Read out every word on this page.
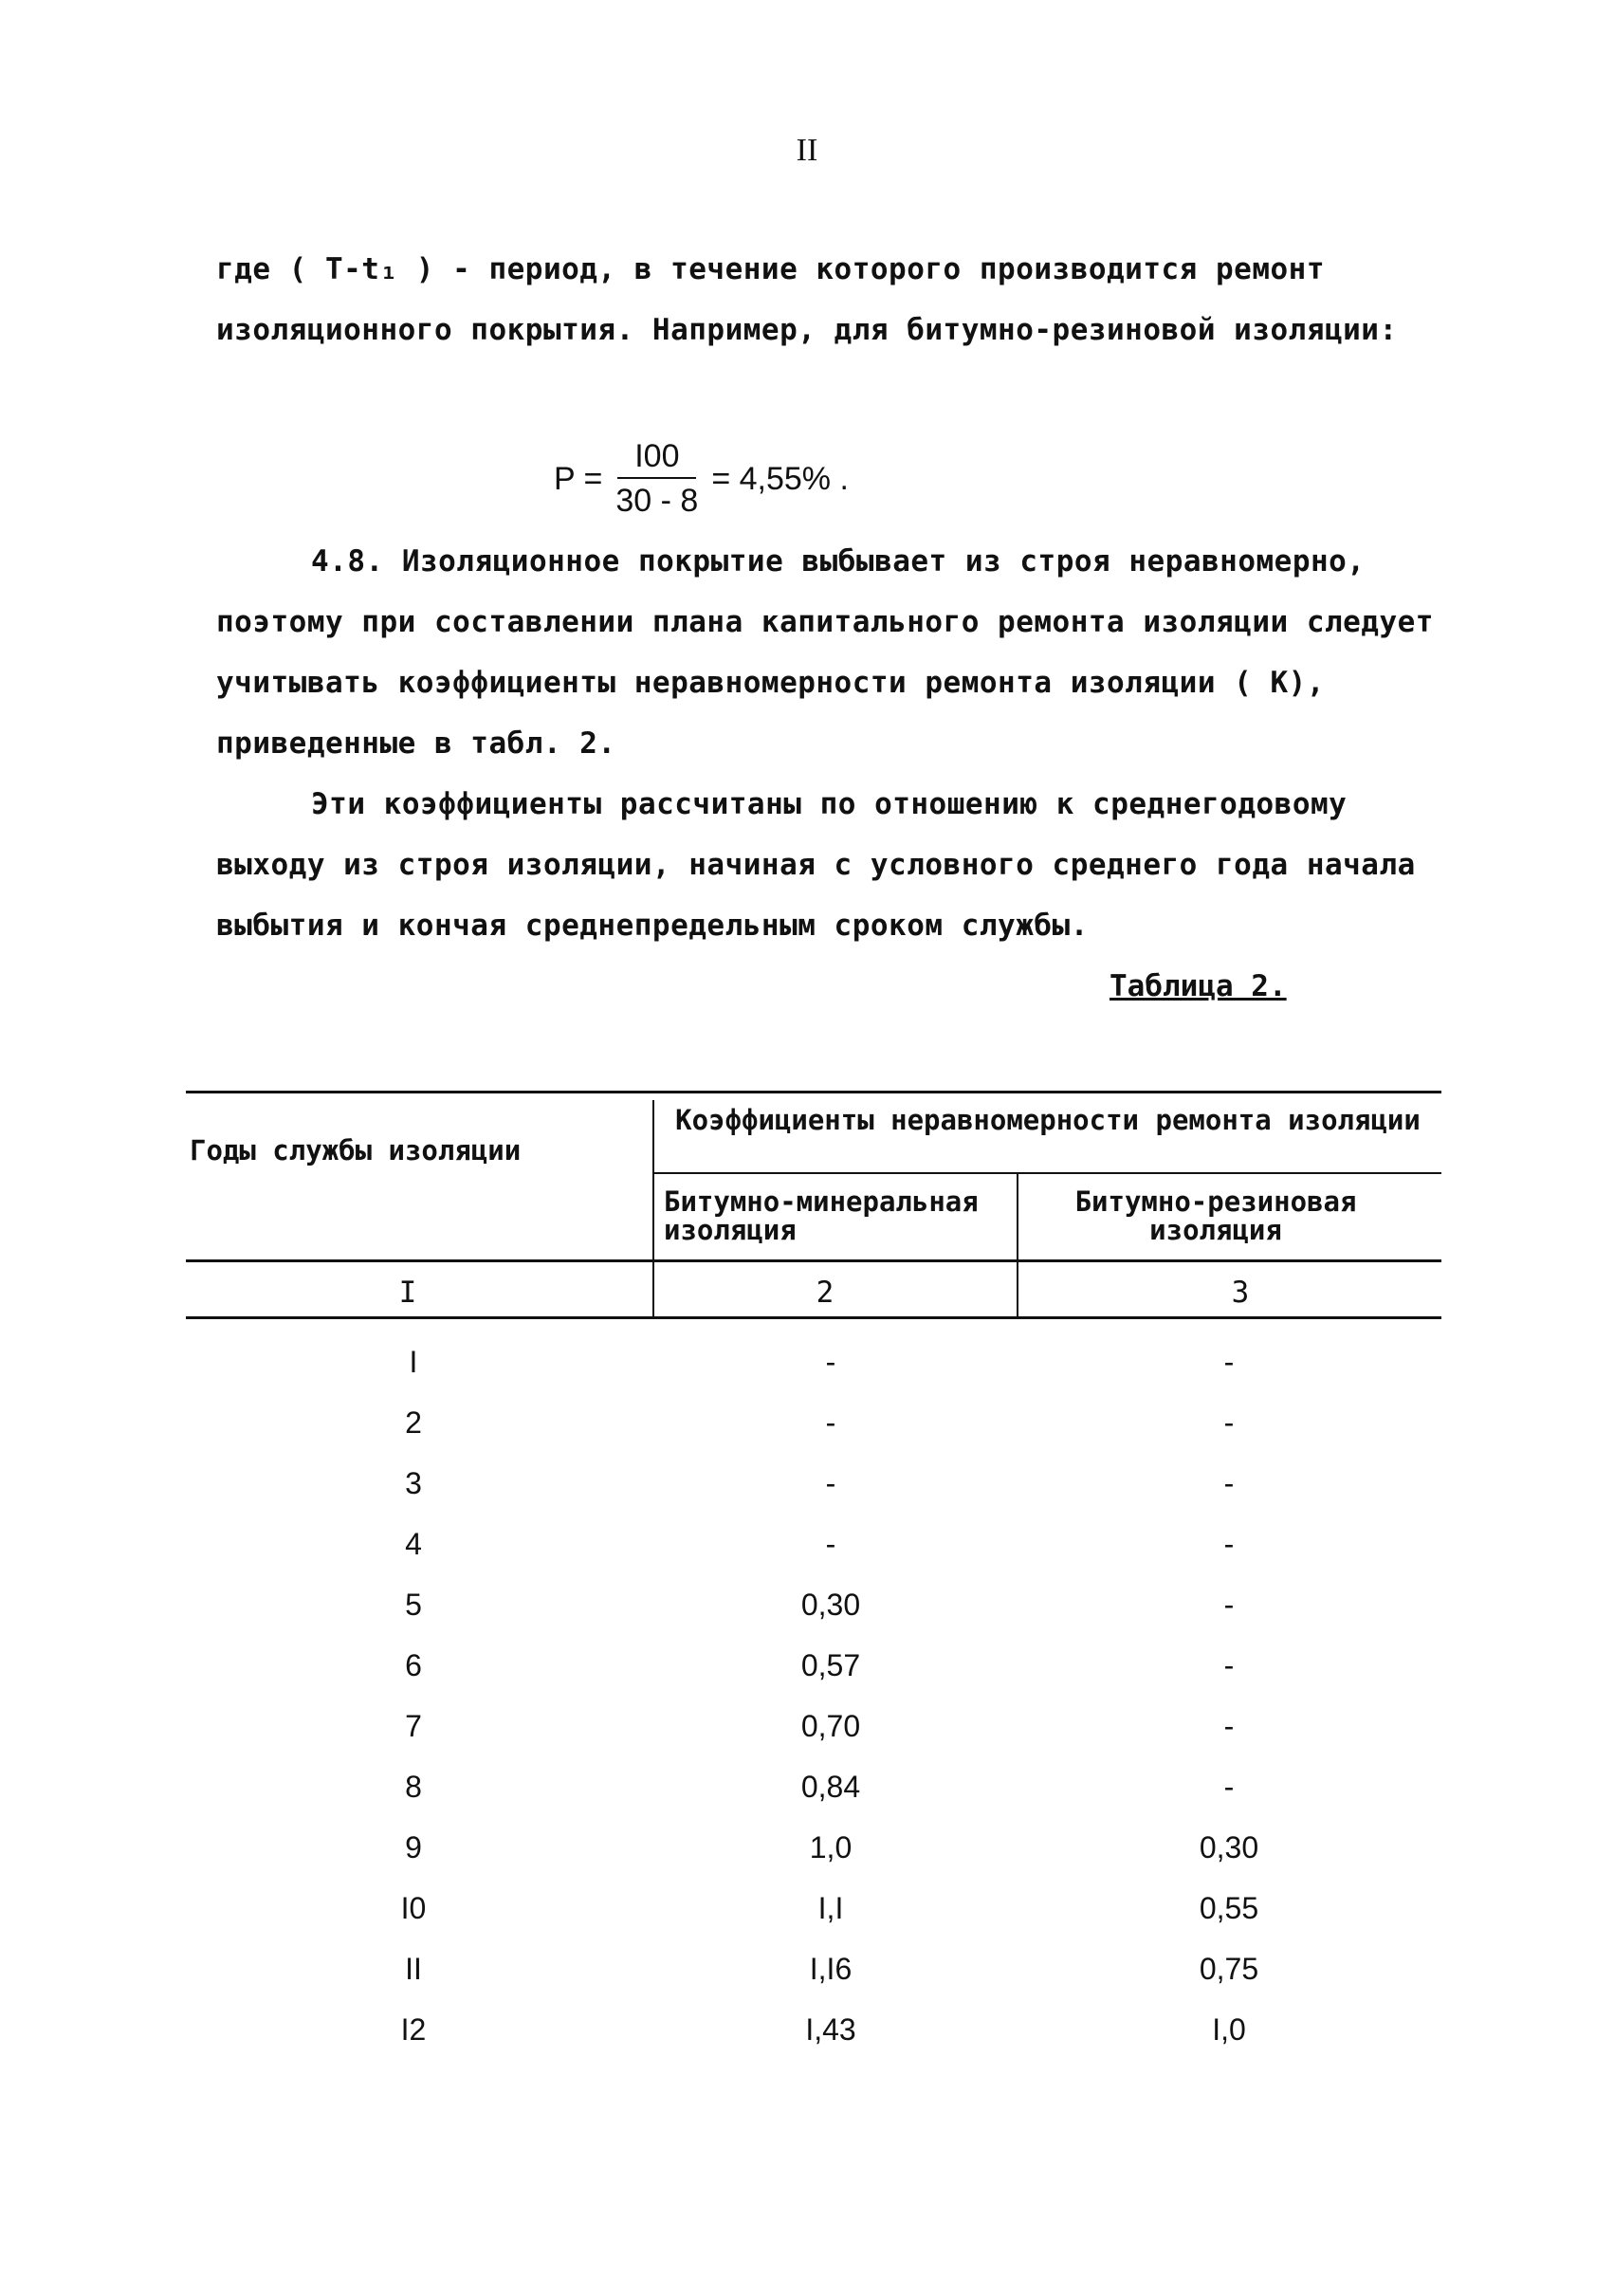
II
где ( T-t₁ ) - период, в течение которого производится ремонт изоляционного покрытия. Например, для битумно-резиновой изоляции:
$P = \frac{I00}{30 - 8} = 4,55\%$ .
4.8. Изоляционное покрытие выбывает из строя неравномерно, поэтому при составлении плана капитального ремонта изоляции следует учитывать коэффициенты неравномерности ремонта изоляции ( K), приведенные в табл. 2.
Эти коэффициенты рассчитаны по отношению к среднегодовому выходу из строя изоляции, начиная с условного среднего года начала выбытия и кончая среднепредельным сроком службы.
Таблица 2.
Годы службы изоляции
Коэффициенты неравномерности ремонта изоляции
Битумно-минеральная изоляция
Битумно-резиновая изоляция
I	2	3
I	-	-
2	-	-
3	-	-
4	-	-
5	0,30	-
6	0,57	-
7	0,70	-
8	0,84	-
9	1,0	0,30
I0	I,I	0,55
II	I,I6	0,75
I2	I,43	I,0
